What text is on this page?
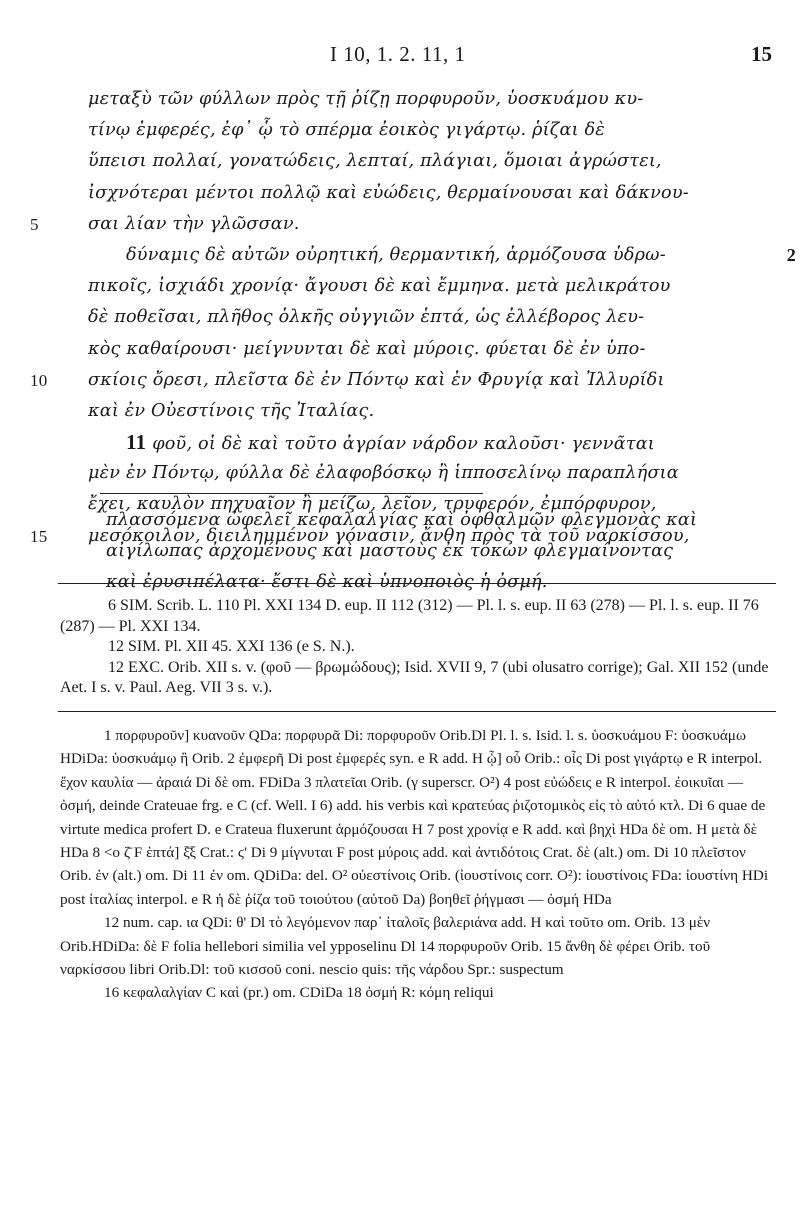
I 10, 1. 2. 11, 1	15
μεταξὺ τῶν φύλλων πρὸς τῇ ῥίζῃ πορφυροῦν, ὑοσκυάμου κυ-
τίνῳ ἐμφερές, ἐφ᾿ ᾧ τὸ σπέρμα ἐοικὸς γιγάρτῳ. ῥίζαι δὲ
ὕπεισι πολλαί, γονατώδεις, λεπταί, πλάγιαι, ὅμοιαι ἀγρώστει,
ἰσχνότεραι μέντοι πολλῷ καὶ εὐώδεις, θερμαίνουσαι καὶ δάκνου-
5	σαι λίαν τὴν γλῶσσαν.
δύναμις δὲ αὐτῶν οὐρητική, θερμαντική, ἁρμόζουσα ὑδρω-	2
πικοῖς, ἰσχιάδι χρονίᾳ· ἄγουσι δὲ καὶ ἔμμηνα. μετὰ μελικράτου
δὲ ποθεῖσαι, πλῆθος ὁλκῆς οὐγγιῶν ἑπτά, ὡς ἐλλέβορος λευ-
κὸς καθαίρουσι· μείγνυνται δὲ καὶ μύροις. φύεται δὲ ἐν ὑπο-
10 σκίοις ὄρεσι, πλεῖστα δὲ ἐν Πόντῳ καὶ ἐν Φρυγίᾳ καὶ Ἰλλυρίδι
καὶ ἐν Οὐεστίνοις τῆς Ἰταλίας.
11 φοῦ, οἱ δὲ καὶ τοῦτο ἀγρίαν νάρδον καλοῦσι· γεννᾶται
μὲν ἐν Πόντῳ, φύλλα δὲ ἐλαφοβόσκῳ ἢ ἱπποσελίνῳ παραπλήσια
ἔχει, καυλὸν πηχυαῖον ἢ μείζω, λεῖον, τρυφερόν, ἐμπόρφυρον,
15 μεσόκοιλον, διειλημμένον γόνασιν, ἄνθη πρὸς τὰ τοῦ ναρκίσσου,
πλασσόμενα ὠφελεῖ κεφαλαλγίας καὶ ὀφθαλμῶν φλεγμονὰς καὶ
αἰγίλωπας ἀρχομένους καὶ μαστοὺς ἐκ τόκων φλεγμαίνοντας
καὶ ἐρυσιπέλατα· ἔστι δὲ καὶ ὑπνοποιὸς ἡ ὀσμή.

6 SIM. Scrib. L. 110 Pl. XXI 134 D. eup. II 112 (312) — Pl. l. s. eup. II 63 (278) — Pl. l. s. eup. II 76 (287) — Pl. XXI 134.

12 SIM. Pl. XII 45. XXI 136 (e S. N.).

12 EXC. Orib. XII s. v. (φοῦ — βρωμώδους); Isid. XVII 9, 7 (ubi olusatro corrige); Gal. XII 152 (unde Aet. I s. v. Paul. Aeg. VII 3 s. v.).

1 πορφυροῦν] κυανοῦν QDa: πορφυρᾶ Di: πορφυροῦν Orib.Dl Pl. l. s. Isid. l. s. ὑοσκυάμου F: ὑοσκυάμω HDiDa: ὑοσκυάμῳ ἢ Orib. 2 ἐμφερῆ Di post ἐμφερές syn. e R add. H ᾧ] οὗ Orib.: οἷς Di post γιγάρτῳ e R interpol. ἔχον καυλία — ἀραιά Di δὲ om. FDiDa 3 πλατεῖαι Orib. (γ superscr. O²) 4 post εὐώδεις e R interpol. ἐοικυῖαι — ὀσμή, deinde Crateuae frg. e C (cf. Well. I 6) add. his verbis καὶ κρατεύας ῥιζοτομικὸς εἰς τὸ αὐτό κτλ. Di 6 quae de virtute medica profert D. e Crateua fluxerunt ἁρμόζουσαι H 7 post χρονίᾳ e R add. καὶ βηχὶ HDa δὲ om. H μετὰ δὲ HDa 8 <ο ζ̄ F ἑπτά] ξ̄ξ Crat.: ϛ' Di 9 μίγνυται F post μύροις add. καὶ ἀντιδότοις Crat. δὲ (alt.) om. Di 10 πλεῖστον Orib. ἐν (alt.) om. Di 11 ἐν om. QDiDa: del. O² οὐεστίνοις Orib. (ἰουστίνοις corr. O²): ἰουστίνοις FDa: ἰουστίνη HDi post ἰταλίας interpol. e R ἡ δὲ ῥίζα τοῦ τοιούτου (αὐτοῦ Da) βοηθεῖ ῥήγμασι — ὀσμή HDa

12 num. cap. ια QDi: θ' Dl τὸ λεγόμενον παρ᾿ ἰταλοῖς βαλεριάνα add. H καὶ τοῦτο om. Orib. 13 μὲν Orib.HDiDa: δὲ F folia hellebori similia vel ypposelinu Dl 14 πορφυροῦν Orib. 15 ἄνθη δὲ φέρει Orib. τοῦ ναρκίσσου libri Orib.Dl: τοῦ κισσοῦ coni. nescio quis: τῆς νάρδου Spr.: suspectum

16 κεφαλαλγίαν C καὶ (pr.) om. CDiDa 18 ὀσμή R: κόμη reliqui
